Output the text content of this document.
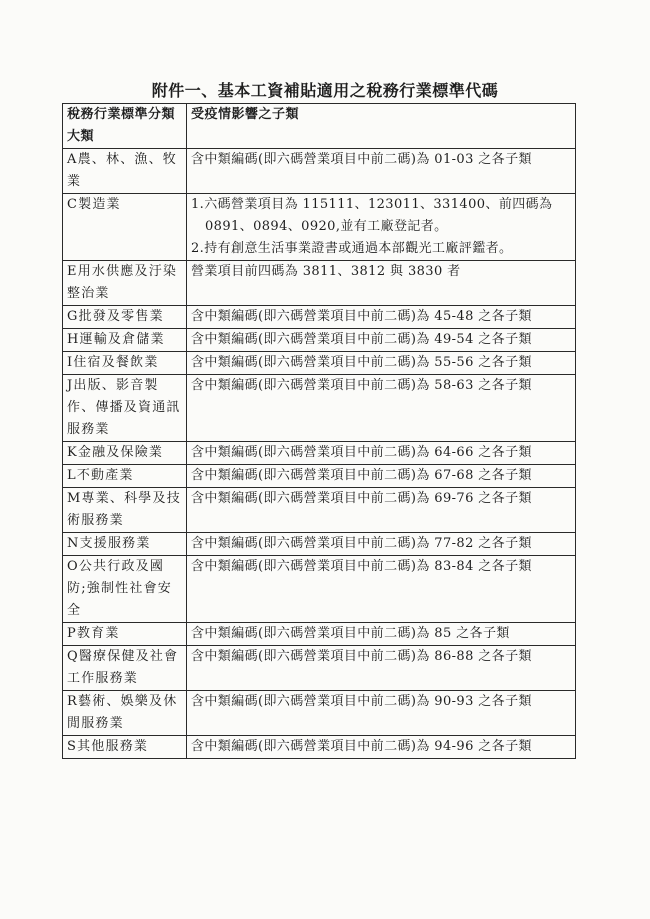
附件一、基本工資補貼適用之稅務行業標準代碼
稅務行業標準分類大類	受疫情影響之子類
A農、林、漁、牧業	含中類編碼(即六碼營業項目中前二碼)為 01-03 之各子類
C製造業	1.六碼營業項目為 115111、123011、331400、前四碼為
0891、0894、0920,並有工廠登記者。
2.持有創意生活事業證書或通過本部觀光工廠評鑑者。

E用水供應及汙染整治業	營業項目前四碼為 3811、3812 與 3830 者
G批發及零售業	含中類編碼(即六碼營業項目中前二碼)為 45-48 之各子類
H運輸及倉儲業	含中類編碼(即六碼營業項目中前二碼)為 49-54 之各子類
I住宿及餐飲業	含中類編碼(即六碼營業項目中前二碼)為 55-56 之各子類
J出版、影音製作、傳播及資通訊服務業	含中類編碼(即六碼營業項目中前二碼)為 58-63 之各子類
K金融及保險業	含中類編碼(即六碼營業項目中前二碼)為 64-66 之各子類
L不動產業	含中類編碼(即六碼營業項目中前二碼)為 67-68 之各子類
M專業、科學及技術服務業	含中類編碼(即六碼營業項目中前二碼)為 69-76 之各子類
N支援服務業	含中類編碼(即六碼營業項目中前二碼)為 77-82 之各子類
O公共行政及國防;強制性社會安全	含中類編碼(即六碼營業項目中前二碼)為 83-84 之各子類
P教育業	含中類編碼(即六碼營業項目中前二碼)為 85 之各子類
Q醫療保健及社會工作服務業	含中類編碼(即六碼營業項目中前二碼)為 86-88 之各子類
R藝術、娛樂及休閒服務業	含中類編碼(即六碼營業項目中前二碼)為 90-93 之各子類
S其他服務業	含中類編碼(即六碼營業項目中前二碼)為 94-96 之各子類
